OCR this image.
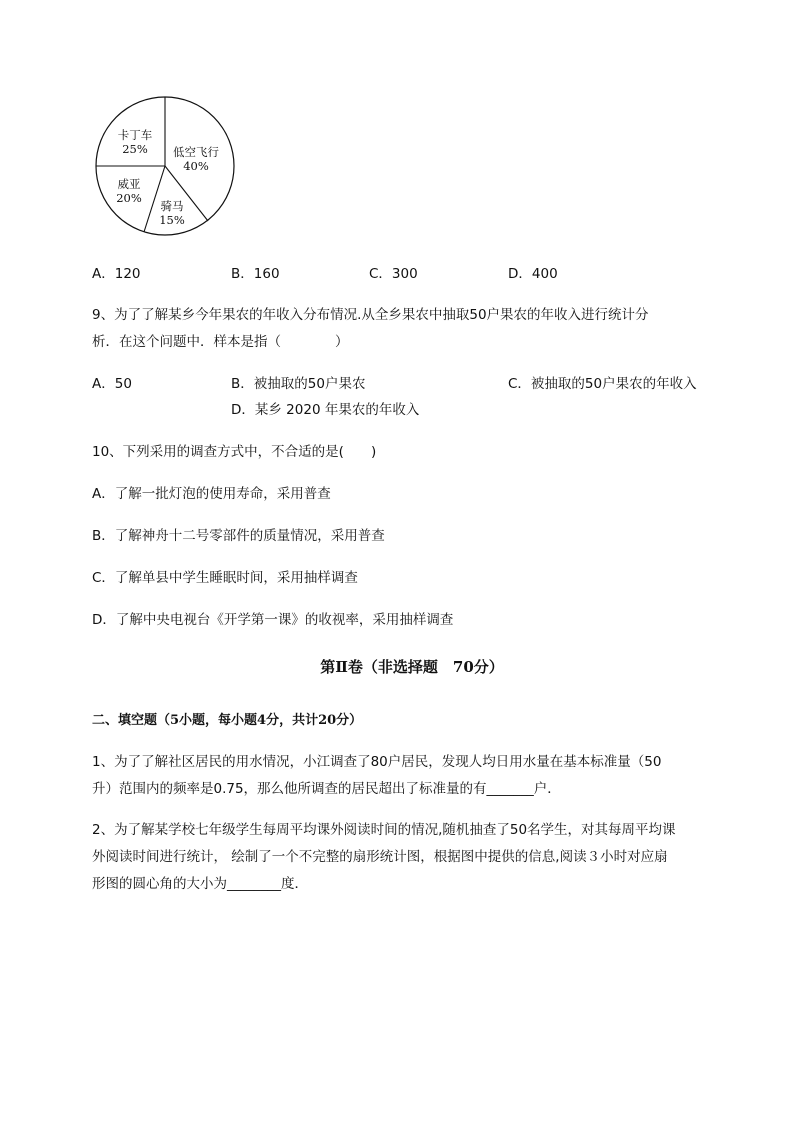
低空飞行
40%
骑马
15%
威亚
20%
卡丁车
25%
A．120	B．160	C．300	D．400
9、为了了解某乡今年果农的年收入分布情况.从全乡果农中抽取50户果农的年收入进行统计分
析．在这个问题中．样本是指（　　　　）
A．50	B．被抽取的50户果农	C．被抽取的50户果农的年收入
D．某乡 2020 年果农的年收入
10、下列采用的调查方式中，不合适的是(　　)
A．了解一批灯泡的使用寿命，采用普查
B．了解神舟十二号零部件的质量情况，采用普查
C．了解单县中学生睡眠时间，采用抽样调查
D．了解中央电视台《开学第一课》的收视率，采用抽样调查
第Ⅱ卷（非选择题　70分）
二、填空题（5小题，每小题4分，共计20分）
1、为了了解社区居民的用水情况，小江调查了80户居民，发现人均日用水量在基本标准量（50
升）范围内的频率是0.75，那么他所调查的居民超出了标准量的有_______户．
2、为了解某学校七年级学生每周平均课外阅读时间的情况,随机抽查了50名学生，对其每周平均课
外阅读时间进行统计， 绘制了一个不完整的扇形统计图，根据图中提供的信息,阅读３小时对应扇
形图的圆心角的大小为________度．
